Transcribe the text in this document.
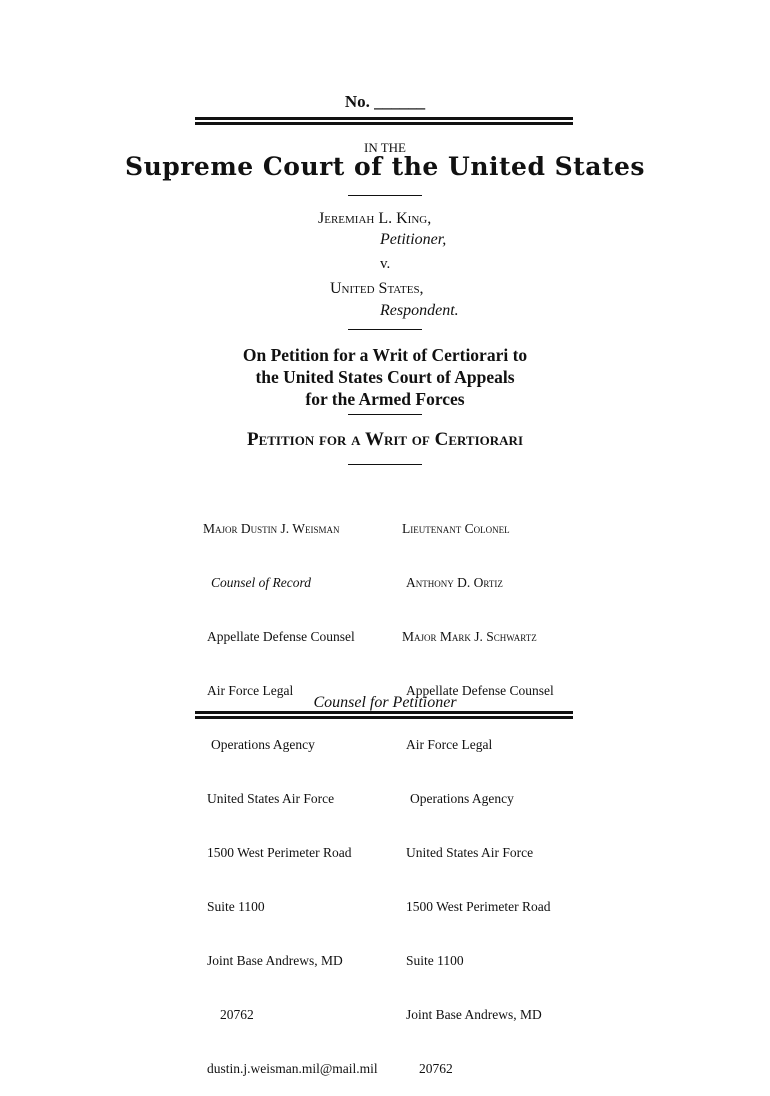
No. ______
IN THE
Supreme Court of the United States
Jeremiah L. King,
Petitioner,
v.
United States,
Respondent.
On Petition for a Writ of Certiorari to
the United States Court of Appeals
for the Armed Forces
Petition for a Writ of Certiorari

Major Dustin J. Weisman

Counsel of Record

Appellate Defense Counsel

Air Force Legal

Operations Agency

United States Air Force

1500 West Perimeter Road

Suite 1100

Joint Base Andrews, MD

20762

dustin.j.weisman.mil@mail.mil

Lieutenant Colonel

Anthony D. Ortiz

Major Mark J. Schwartz

Appellate Defense Counsel

Air Force Legal

Operations Agency

United States Air Force

1500 West Perimeter Road

Suite 1100

Joint Base Andrews, MD

20762

Counsel for Petitioner
